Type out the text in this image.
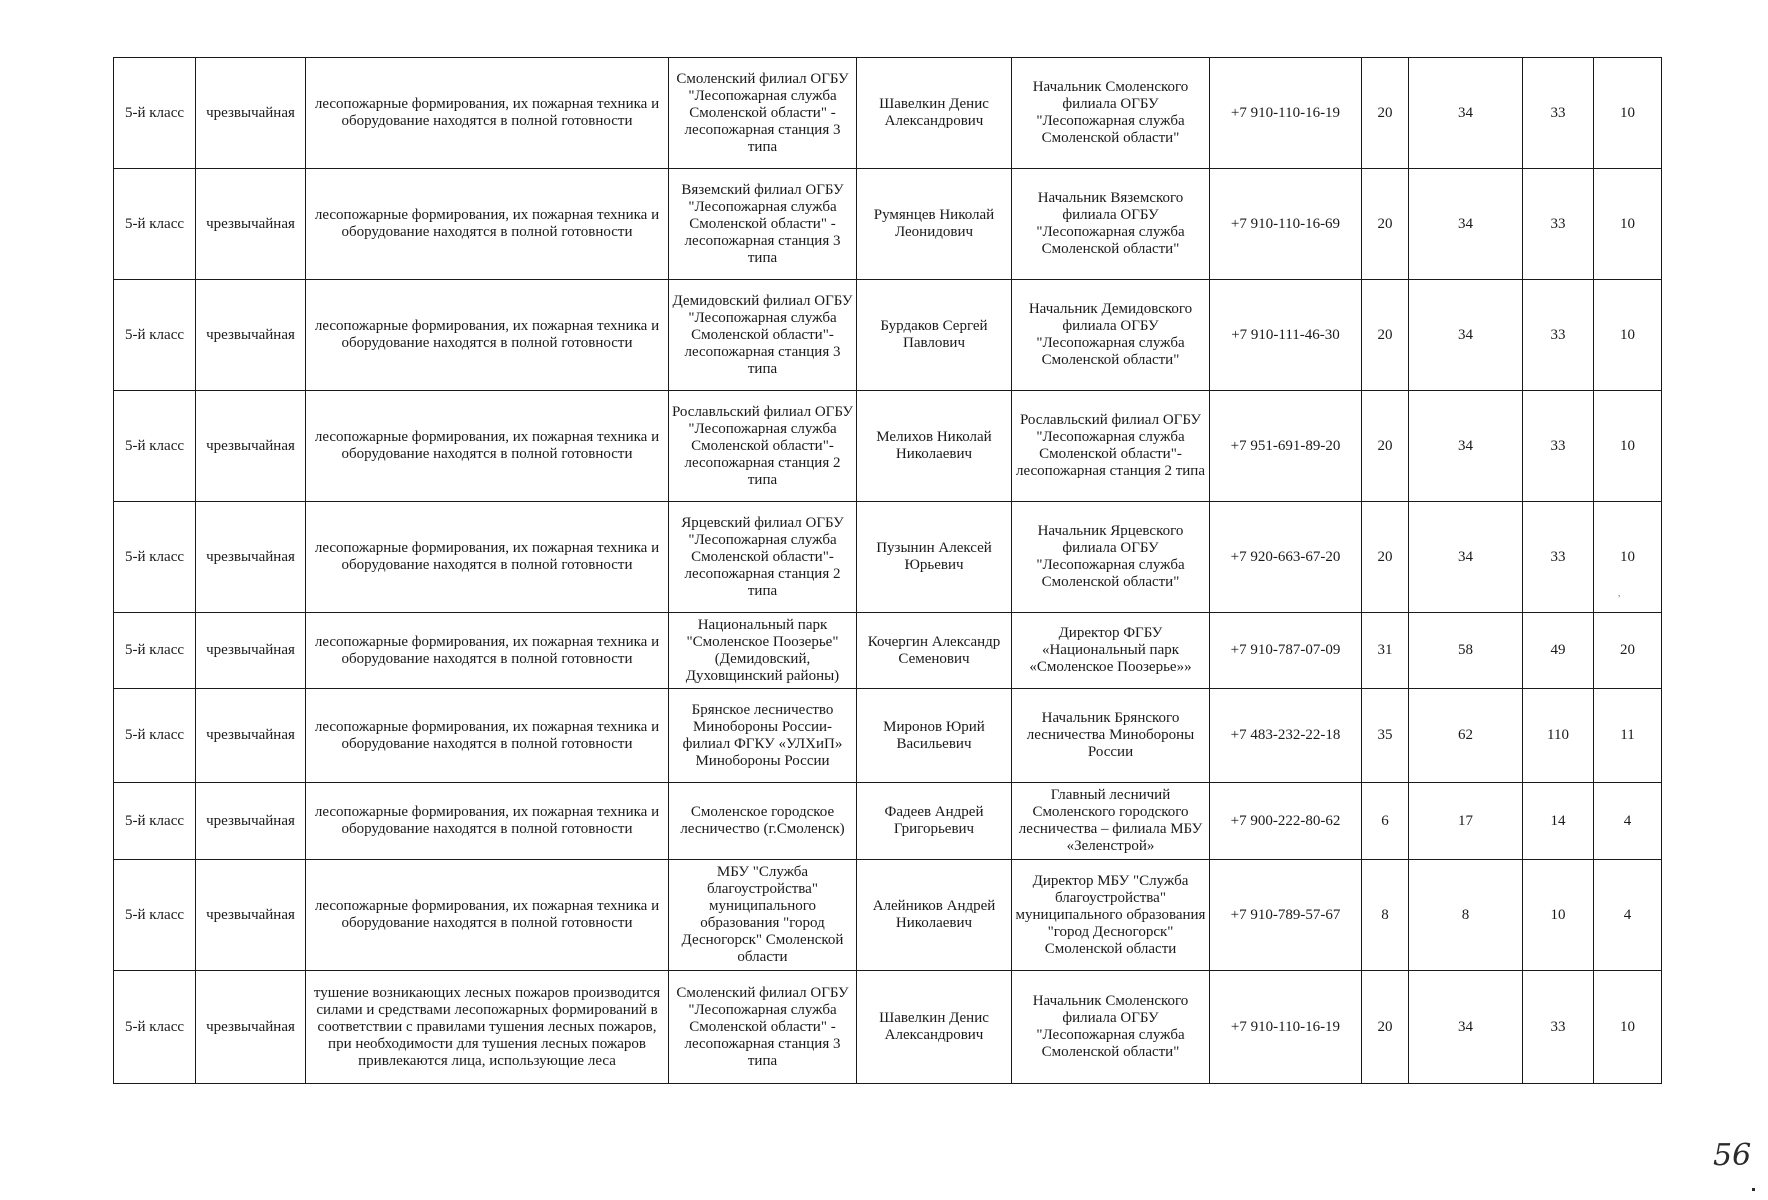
5-й класс	чрезвычайная	лесопожарные формирования, их пожарная техника и оборудование находятся в полной готовности	Смоленский филиал ОГБУ "Лесопожарная служба Смоленской области" - лесопожарная станция 3 типа	Шавелкин Денис Александрович	Начальник Смоленского филиала ОГБУ "Лесопожарная служба Смоленской области"	+7 910-110-16-19	20	34	33	10
5-й класс	чрезвычайная	лесопожарные формирования, их пожарная техника и оборудование находятся в полной готовности	Вяземский филиал ОГБУ "Лесопожарная служба Смоленской области" - лесопожарная станция 3 типа	Румянцев Николай Леонидович	Начальник Вяземского филиала ОГБУ "Лесопожарная служба Смоленской области"	+7 910-110-16-69	20	34	33	10
5-й класс	чрезвычайная	лесопожарные формирования, их пожарная техника и оборудование находятся в полной готовности	Демидовский филиал ОГБУ "Лесопожарная служба Смоленской области"- лесопожарная станция 3 типа	Бурдаков Сергей Павлович	Начальник Демидовского филиала ОГБУ "Лесопожарная служба Смоленской области"	+7 910-111-46-30	20	34	33	10
5-й класс	чрезвычайная	лесопожарные формирования, их пожарная техника и оборудование находятся в полной готовности	Рославльский филиал ОГБУ "Лесопожарная служба Смоленской области"- лесопожарная станция 2 типа	Мелихов Николай Николаевич	Рославльский филиал ОГБУ "Лесопожарная служба Смоленской области"- лесопожарная станция 2 типа	+7 951-691-89-20	20	34	33	10
5-й класс	чрезвычайная	лесопожарные формирования, их пожарная техника и оборудование находятся в полной готовности	Ярцевский филиал ОГБУ "Лесопожарная служба Смоленской области"- лесопожарная станция 2 типа	Пузынин Алексей Юрьевич	Начальник Ярцевского филиала ОГБУ "Лесопожарная служба Смоленской области"	+7 920-663-67-20	20	34	33	10
5-й класс	чрезвычайная	лесопожарные формирования, их пожарная техника и оборудование находятся в полной готовности	Национальный парк "Смоленское Поозерье" (Демидовский, Духовщинский районы)	Кочергин Александр Семенович	Директор ФГБУ «Национальный парк «Смоленское Поозерье»»	+7 910-787-07-09	31	58	49	20
5-й класс	чрезвычайная	лесопожарные формирования, их пожарная техника и оборудование находятся в полной готовности	Брянское лесничество Минобороны России- филиал ФГКУ «УЛХиП» Минобороны России	Миронов Юрий Васильевич	Начальник Брянского лесничества Минобороны России	+7 483-232-22-18	35	62	110	11
5-й класс	чрезвычайная	лесопожарные формирования, их пожарная техника и оборудование находятся в полной готовности	Смоленское городское лесничество (г.Смоленск)	Фадеев Андрей Григорьевич	Главный лесничий Смоленского городского лесничества – филиала МБУ «Зеленстрой»	+7 900-222-80-62	6	17	14	4
5-й класс	чрезвычайная	лесопожарные формирования, их пожарная техника и оборудование находятся в полной готовности	МБУ "Служба благоустройства" муниципального образования "город Десногорск" Смоленской области	Алейников Андрей Николаевич	Директор МБУ "Служба благоустройства" муниципального образования "город Десногорск" Смоленской области	+7 910-789-57-67	8	8	10	4
5-й класс	чрезвычайная	тушение возникающих лесных пожаров производится силами и средствами лесопожарных формирований в соответствии с правилами тушения лесных пожаров, при необходимости для тушения лесных пожаров привлекаются лица, использующие леса	Смоленский филиал ОГБУ "Лесопожарная служба Смоленской области" - лесопожарная станция 3 типа	Шавелкин Денис Александрович	Начальник Смоленского филиала ОГБУ "Лесопожарная служба Смоленской области"	+7 910-110-16-19	20	34	33	10
,
56
